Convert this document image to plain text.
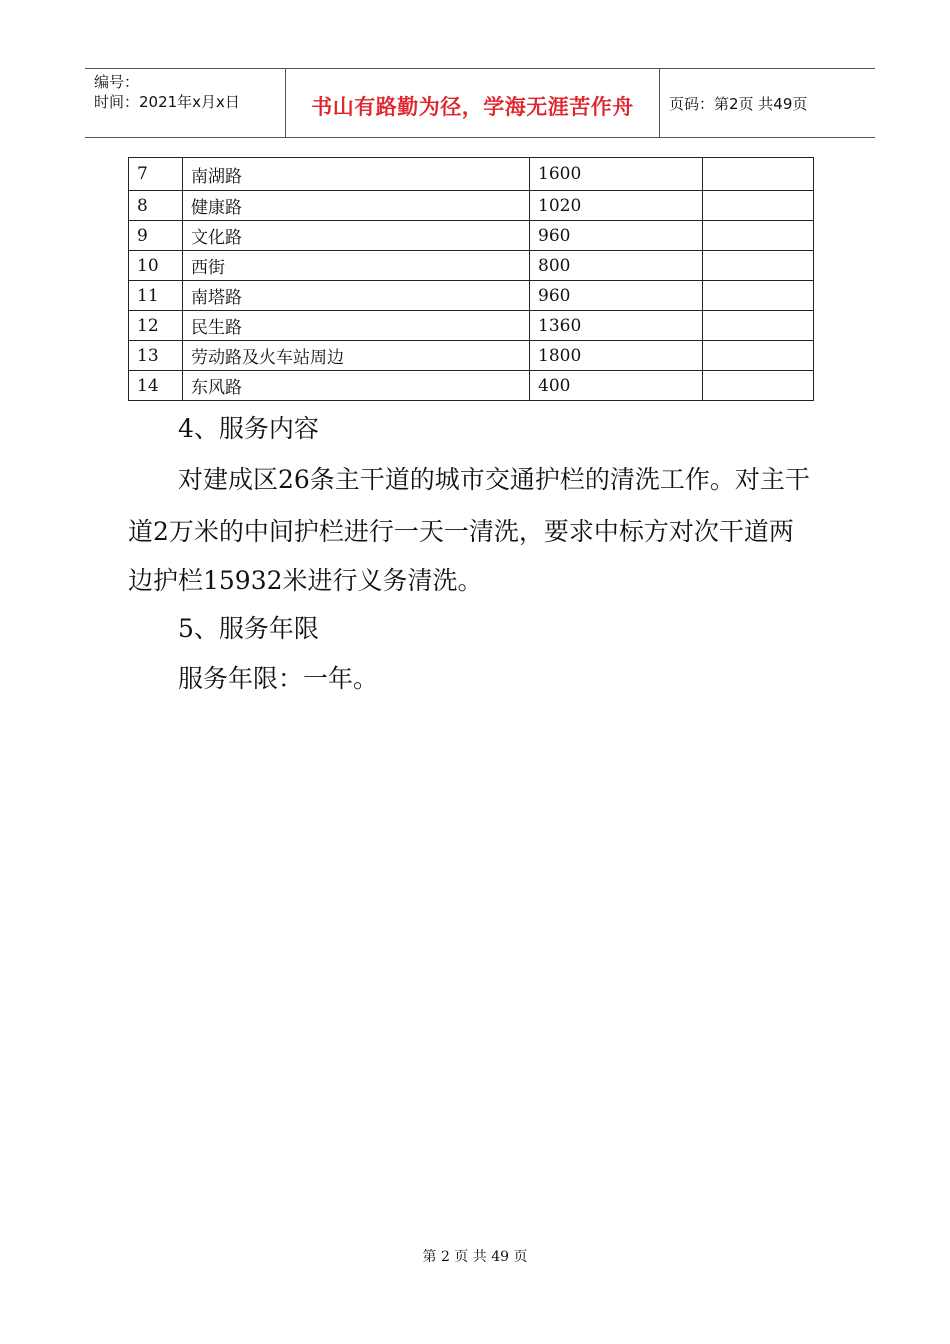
编号：
时间：2021年x月x日	书山有路勤为径，学海无涯苦作舟	页码：第2页 共49页
7	南湖路	1600	
8	健康路	1020	
9	文化路	960	
10	西街	800	
11	南塔路	960	
12	民生路	1360	
13	劳动路及火车站周边	1800	
14	东风路	400	
4、服务内容
对建成区26条主干道的城市交通护栏的清洗工作。对主干
道2万米的中间护栏进行一天一清洗，要求中标方对次干道两
边护栏15932米进行义务清洗。
5、服务年限
服务年限：一年。
第 2 页 共 49 页
